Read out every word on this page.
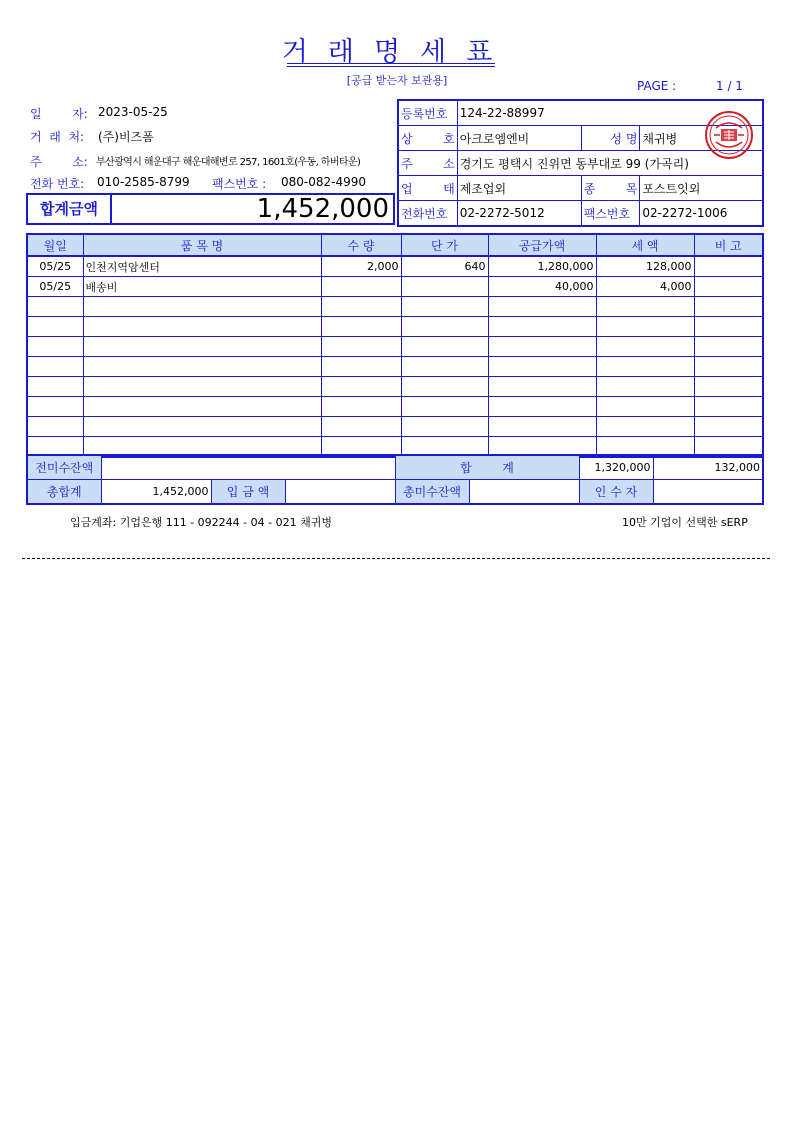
거래명세표
[공급 받는자 보관용]	PAGE :	1 / 1
일        자: 2023-05-25
거  래  처: (주)비즈폼
주        소: 부산광역시 해운대구 해운대해변로 257, 1601호(우동, 하버타운)
전화 번호: 010-2585-8799 팩스번호 : 080-082-4990
합계금액	1,452,000
등록번호	124-22-88997		
상        호	아크로엠엔비	성 명	채귀병
주        소	경기도 평택시 진위면 동부대로 99 (가곡리)		
업        태	제조업외	종        목	포스트잇외
전화번호	02-2272-5012	팩스번호	02-2272-1006
월일	품 목 명	수 량	단 가	공급가액	세 액	비 고
05/25	인천지역암센터	2,000	640	1,280,000	128,000	
05/25	배송비			40,000	4,000	

전미수잔액				합        계		1,320,000	132,000
총합계	1,452,000	입 금 액		총미수잔액		인 수 자	
입금계좌: 기업은행 111 - 092244 - 04 - 021 채귀병	10만 기업이 선택한 sERP
